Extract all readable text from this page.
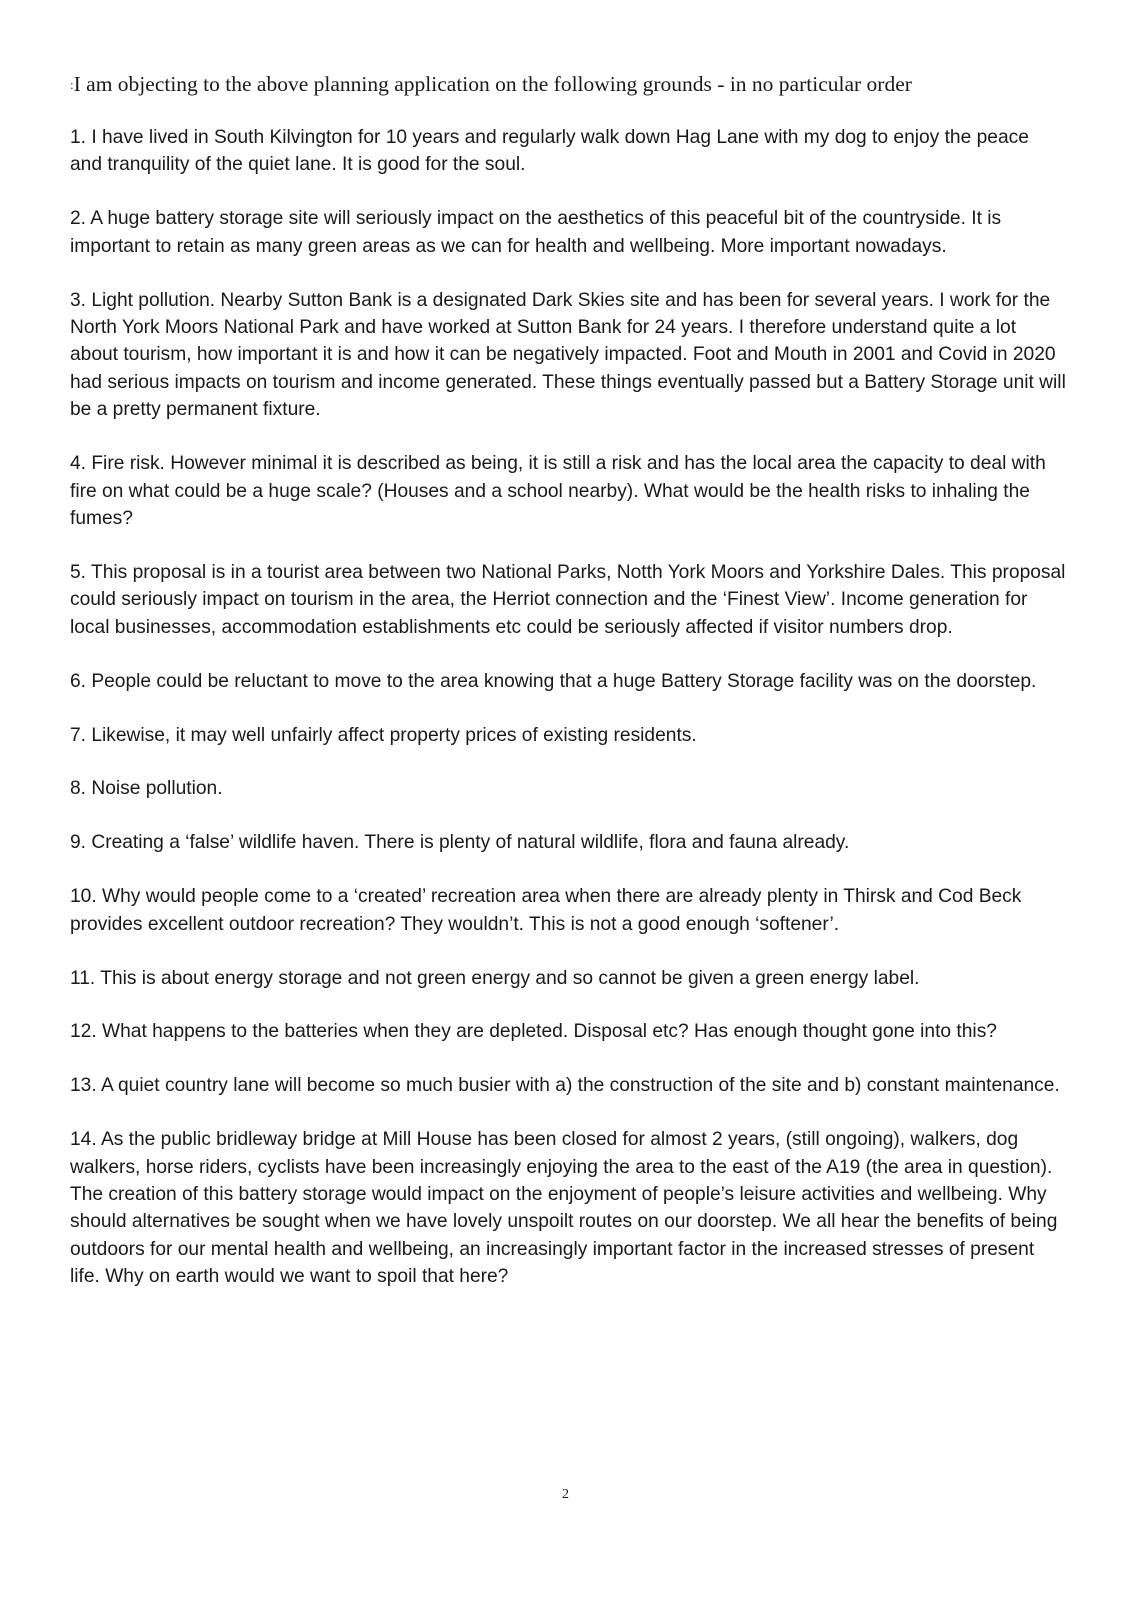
:I am objecting to the above planning application on the following grounds - in no particular order

1. I have lived in South Kilvington for 10 years and regularly walk down Hag Lane with my dog to enjoy the peace and tranquility of the quiet lane. It is good for the soul.

2. A huge battery storage site will seriously impact on the aesthetics of this peaceful bit of the countryside. It is important to retain as many green areas as we can for health and wellbeing. More important nowadays.

3. Light pollution. Nearby Sutton Bank is a designated Dark Skies site and has been for several years. I work for the North York Moors National Park and have worked at Sutton Bank for 24 years. I therefore understand quite a lot about tourism, how important it is and how it can be negatively impacted. Foot and Mouth in 2001 and Covid in 2020 had serious impacts on tourism and income generated. These things eventually passed but a Battery Storage unit will be a pretty permanent fixture.

4. Fire risk. However minimal it is described as being, it is still a risk and has the local area the capacity to deal with fire on what could be a huge scale? (Houses and a school nearby). What would be the health risks to inhaling the fumes?

5. This proposal is in a tourist area between two National Parks, Notth York Moors and Yorkshire Dales. This proposal could seriously impact on tourism in the area, the Herriot connection and the ‘Finest View’. Income generation for local businesses, accommodation establishments etc could be seriously affected if visitor numbers drop.

6. People could be reluctant to move to the area knowing that a huge Battery Storage facility was on the doorstep.

7. Likewise, it may well unfairly affect property prices of existing residents.

8. Noise pollution.

9. Creating a ‘false’ wildlife haven. There is plenty of natural wildlife, flora and fauna already.

10. Why would people come to a ‘created’ recreation area when there are already plenty in Thirsk and Cod Beck provides excellent outdoor recreation? They wouldn’t. This is not a good enough ‘softener’.

11. This is about energy storage and not green energy and so cannot be given a green energy label.

12. What happens to the batteries when they are depleted. Disposal etc? Has enough thought gone into this?

13. A quiet country lane will become so much busier with a) the construction of the site and b) constant maintenance.

14. As the public bridleway bridge at Mill House has been closed for almost 2 years, (still ongoing), walkers, dog walkers, horse riders, cyclists have been increasingly enjoying the area to the east of the A19 (the area in question). The creation of this battery storage would impact on the enjoyment of people’s leisure activities and wellbeing. Why should alternatives be sought when we have lovely unspoilt routes on our doorstep. We all hear the benefits of being outdoors for our mental health and wellbeing, an increasingly important factor in the increased stresses of present life. Why on earth would we want to spoil that here?

2
